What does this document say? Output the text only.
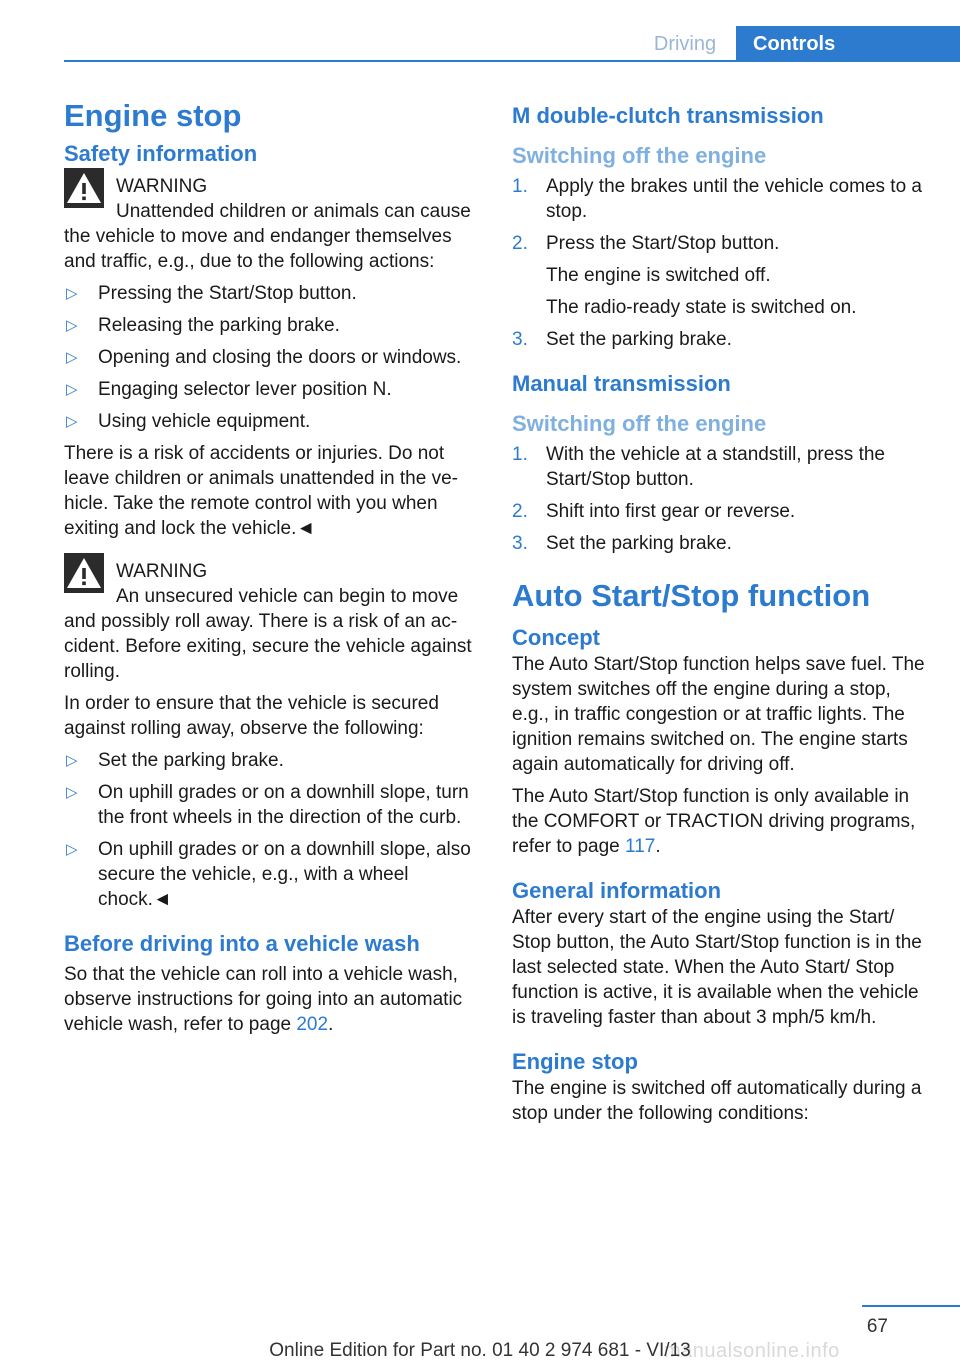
Driving	Controls
Engine stop
Safety information

WARNING

Unattended children or animals can cause the vehicle to move and endanger themselves and traffic, e.g., due to the following actions:

▷ Pressing the Start/Stop button.
▷ Releasing the parking brake.
▷ Opening and closing the doors or windows.
▷ Engaging selector lever position N.
▷ Using vehicle equipment.

There is a risk of accidents or injuries. Do not leave children or animals unattended in the vehicle. Take the remote control with you when exiting and lock the vehicle.◄

WARNING

An unsecured vehicle can begin to move and possibly roll away. There is a risk of an accident. Before exiting, secure the vehicle against rolling.

In order to ensure that the vehicle is secured against rolling away, observe the following:

▷ Set the parking brake.
▷ On uphill grades or on a downhill slope, turn the front wheels in the direction of the curb.
▷ On uphill grades or on a downhill slope, also secure the vehicle, e.g., with a wheel chock.◄
Before driving into a vehicle wash

So that the vehicle can roll into a vehicle wash, observe instructions for going into an automatic vehicle wash, refer to page 202.

M double-clutch transmission
Switching off the engine
1. Apply the brakes until the vehicle comes to a stop.
2. Press the Start/Stop button.
The engine is switched off.
The radio-ready state is switched on.
3. Set the parking brake.
Manual transmission
Switching off the engine
1. With the vehicle at a standstill, press the Start/Stop button.
2. Shift into first gear or reverse.
3. Set the parking brake.
Auto Start/Stop function
Concept

The Auto Start/Stop function helps save fuel. The system switches off the engine during a stop, e.g., in traffic congestion or at traffic lights. The ignition remains switched on. The engine starts again automatically for driving off.

The Auto Start/Stop function is only available in the COMFORT or TRACTION driving programs, refer to page 117.

General information

After every start of the engine using the Start/ Stop button, the Auto Start/Stop function is in the last selected state. When the Auto Start/ Stop function is active, it is available when the vehicle is traveling faster than about 3 mph/5 km/h.

Engine stop

The engine is switched off automatically during a stop under the following conditions:

67
manualsonline.info
Online Edition for Part no. 01 40 2 974 681 - VI/13
